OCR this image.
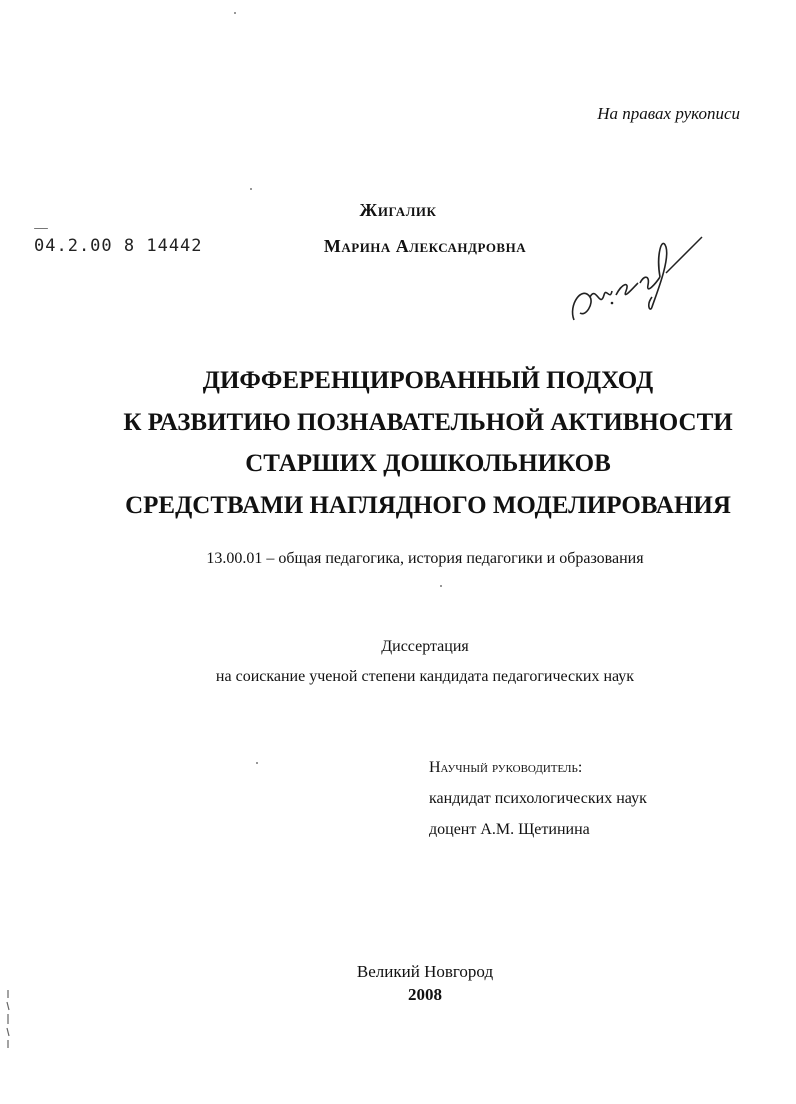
На правах рукописи
04.2.00 8 14442
Жигалик
Марина Александровна
ДИФФЕРЕНЦИРОВАННЫЙ ПОДХОД
К РАЗВИТИЮ ПОЗНАВАТЕЛЬНОЙ АКТИВНОСТИ
СТАРШИХ ДОШКОЛЬНИКОВ
СРЕДСТВАМИ НАГЛЯДНОГО МОДЕЛИРОВАНИЯ
13.00.01 – общая педагогика, история педагогики и образования
Диссертация
на соискание ученой степени кандидата педагогических наук
Научный руководитель:
кандидат психологических наук
доцент А.М. Щетинина
Великий Новгород
2008
